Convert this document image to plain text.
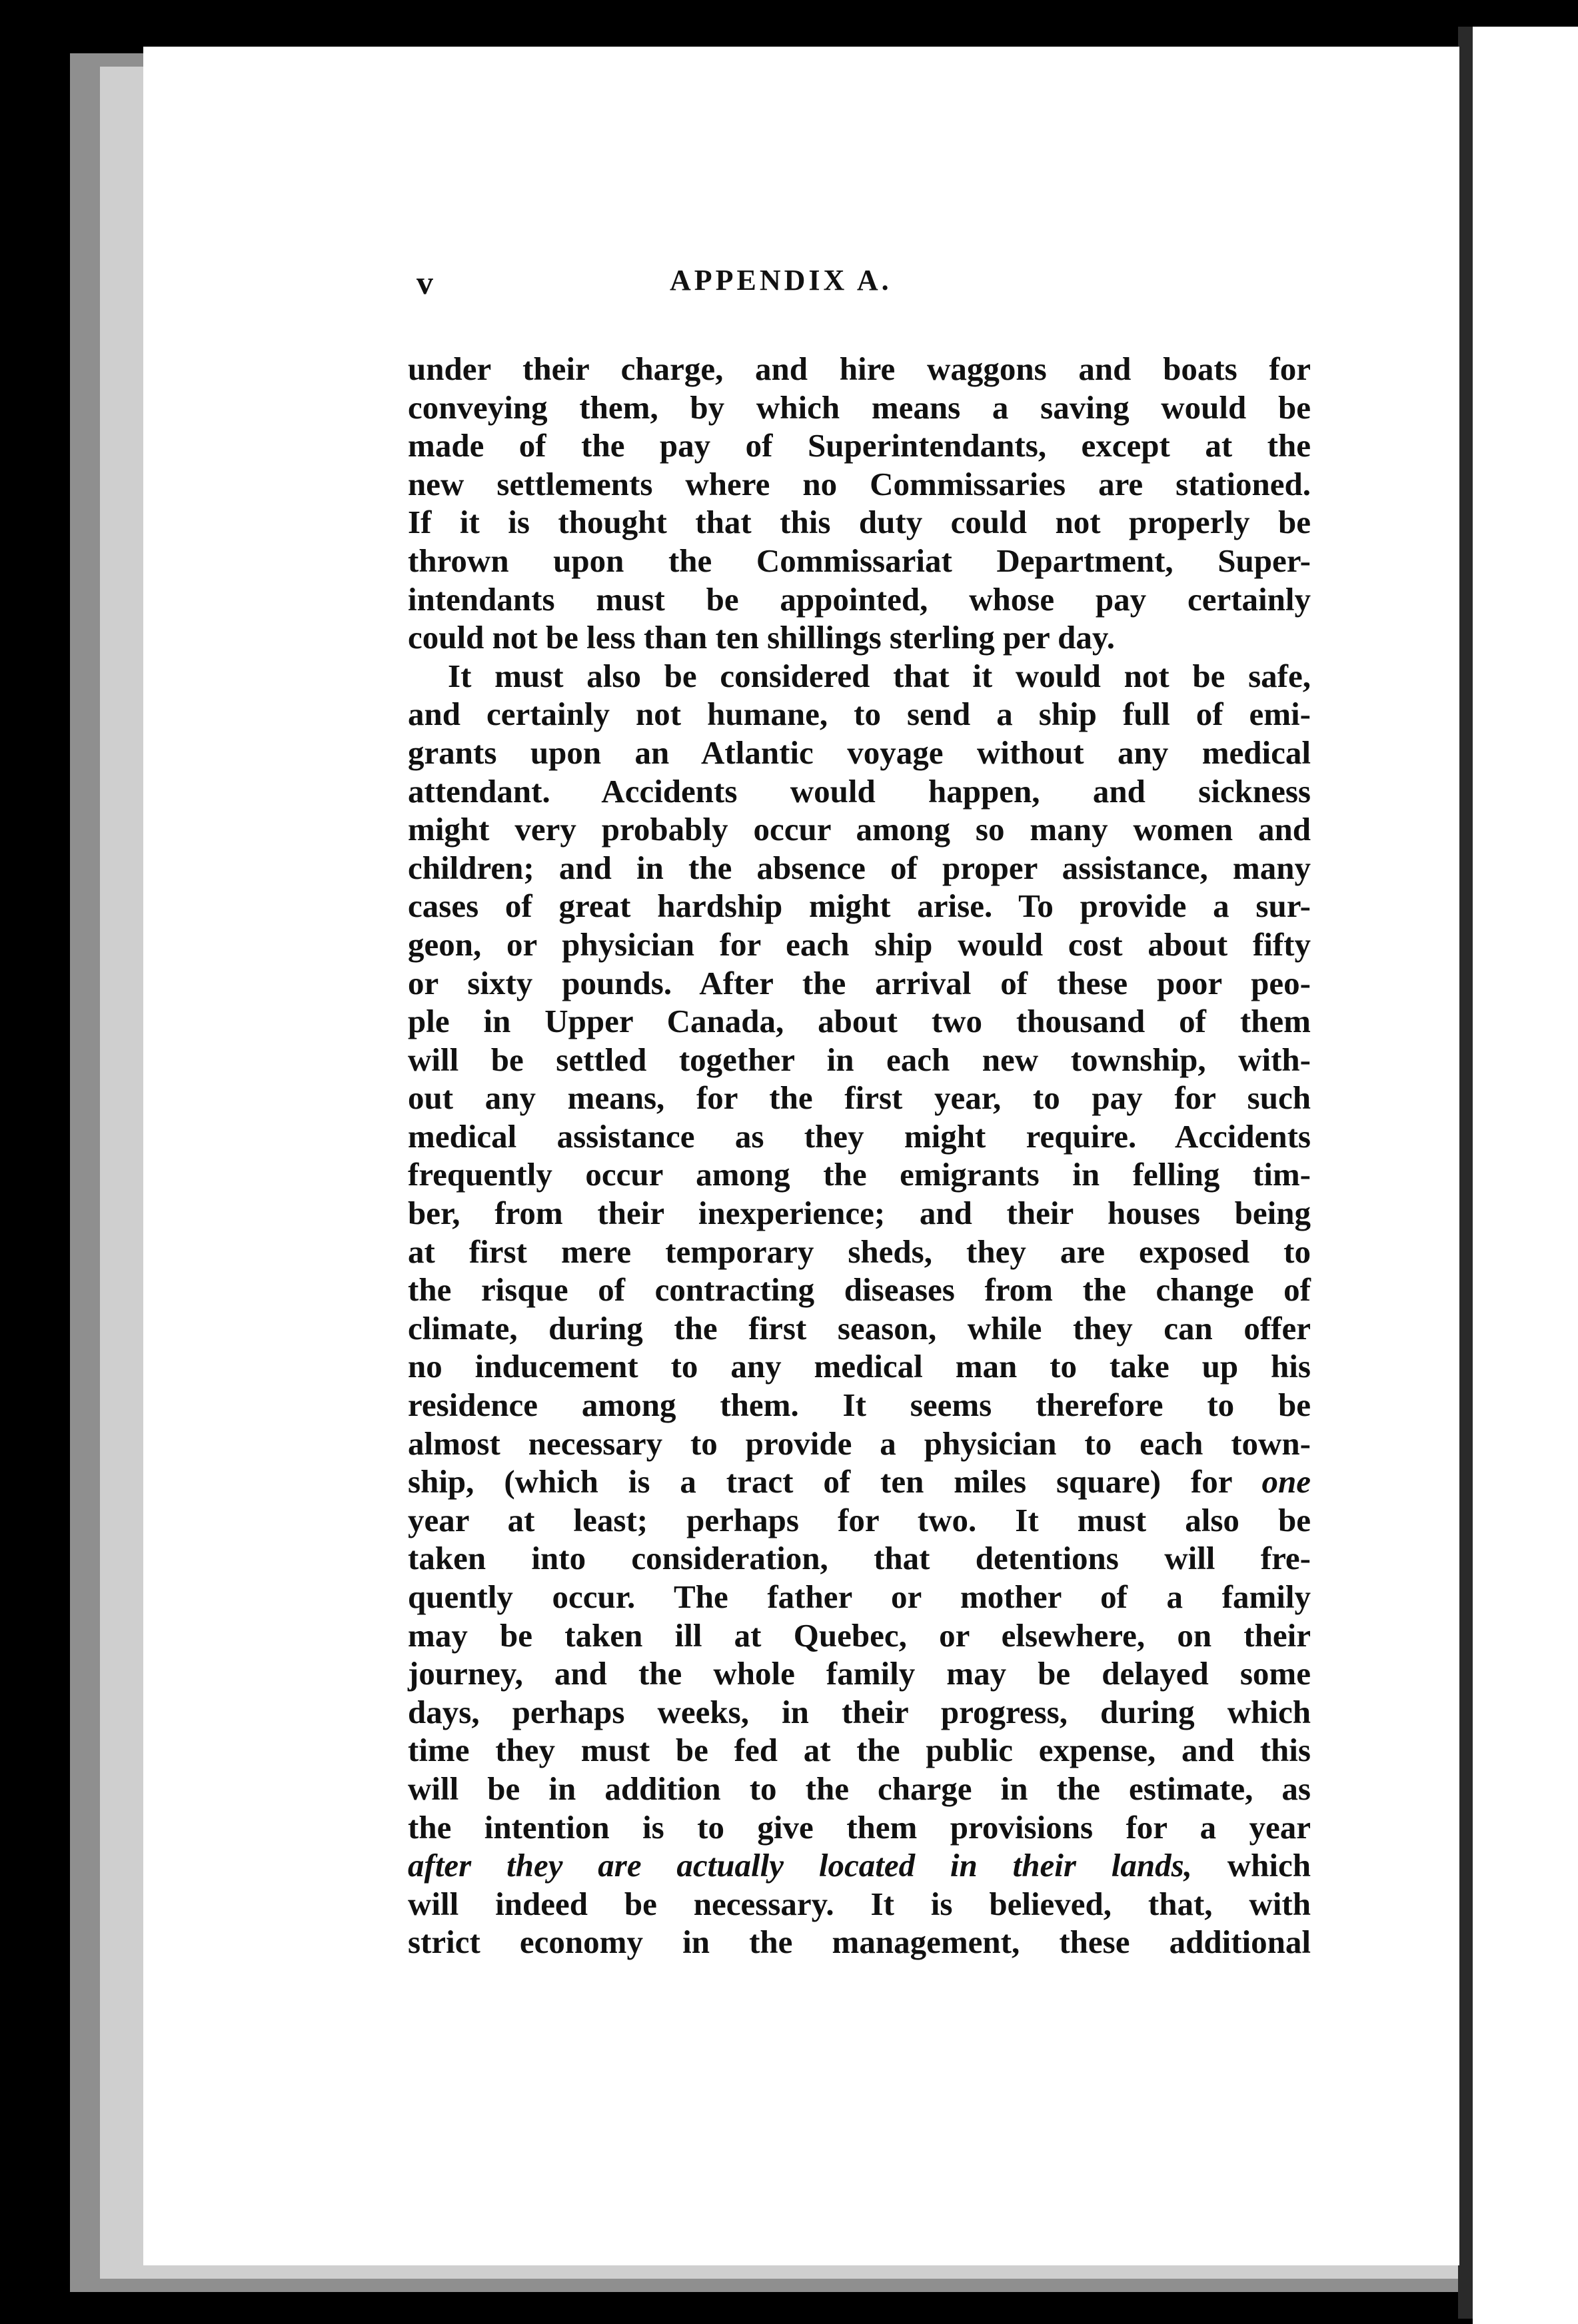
v	APPENDIX A.
under their charge, and hire waggons and boats for
conveying them, by which means a saving would be
made of the pay of Superintendants, except at the
new settlements where no Commissaries are stationed.
If it is thought that this duty could not properly be
thrown upon the Commissariat Department, Super-
intendants must be appointed, whose pay certainly
could not be less than ten shillings sterling per day.
It must also be considered that it would not be safe,
and certainly not humane, to send a ship full of emi-
grants upon an Atlantic voyage without any medical
attendant. Accidents would happen, and sickness
might very probably occur among so many women and
children; and in the absence of proper assistance, many
cases of great hardship might arise. To provide a sur-
geon, or physician for each ship would cost about fifty
or sixty pounds. After the arrival of these poor peo-
ple in Upper Canada, about two thousand of them
will be settled together in each new township, with-
out any means, for the first year, to pay for such
medical assistance as they might require. Accidents
frequently occur among the emigrants in felling tim-
ber, from their inexperience; and their houses being
at first mere temporary sheds, they are exposed to
the risque of contracting diseases from the change of
climate, during the first season, while they can offer
no inducement to any medical man to take up his
residence among them. It seems therefore to be
almost necessary to provide a physician to each town-
ship, (which is a tract of ten miles square) for one
year at least; perhaps for two. It must also be
taken into consideration, that detentions will fre-
quently occur. The father or mother of a family
may be taken ill at Quebec, or elsewhere, on their
journey, and the whole family may be delayed some
days, perhaps weeks, in their progress, during which
time they must be fed at the public expense, and this
will be in addition to the charge in the estimate, as
the intention is to give them provisions for a year
after they are actually located in their lands, which
will indeed be necessary. It is believed, that, with
strict economy in the management, these additional
